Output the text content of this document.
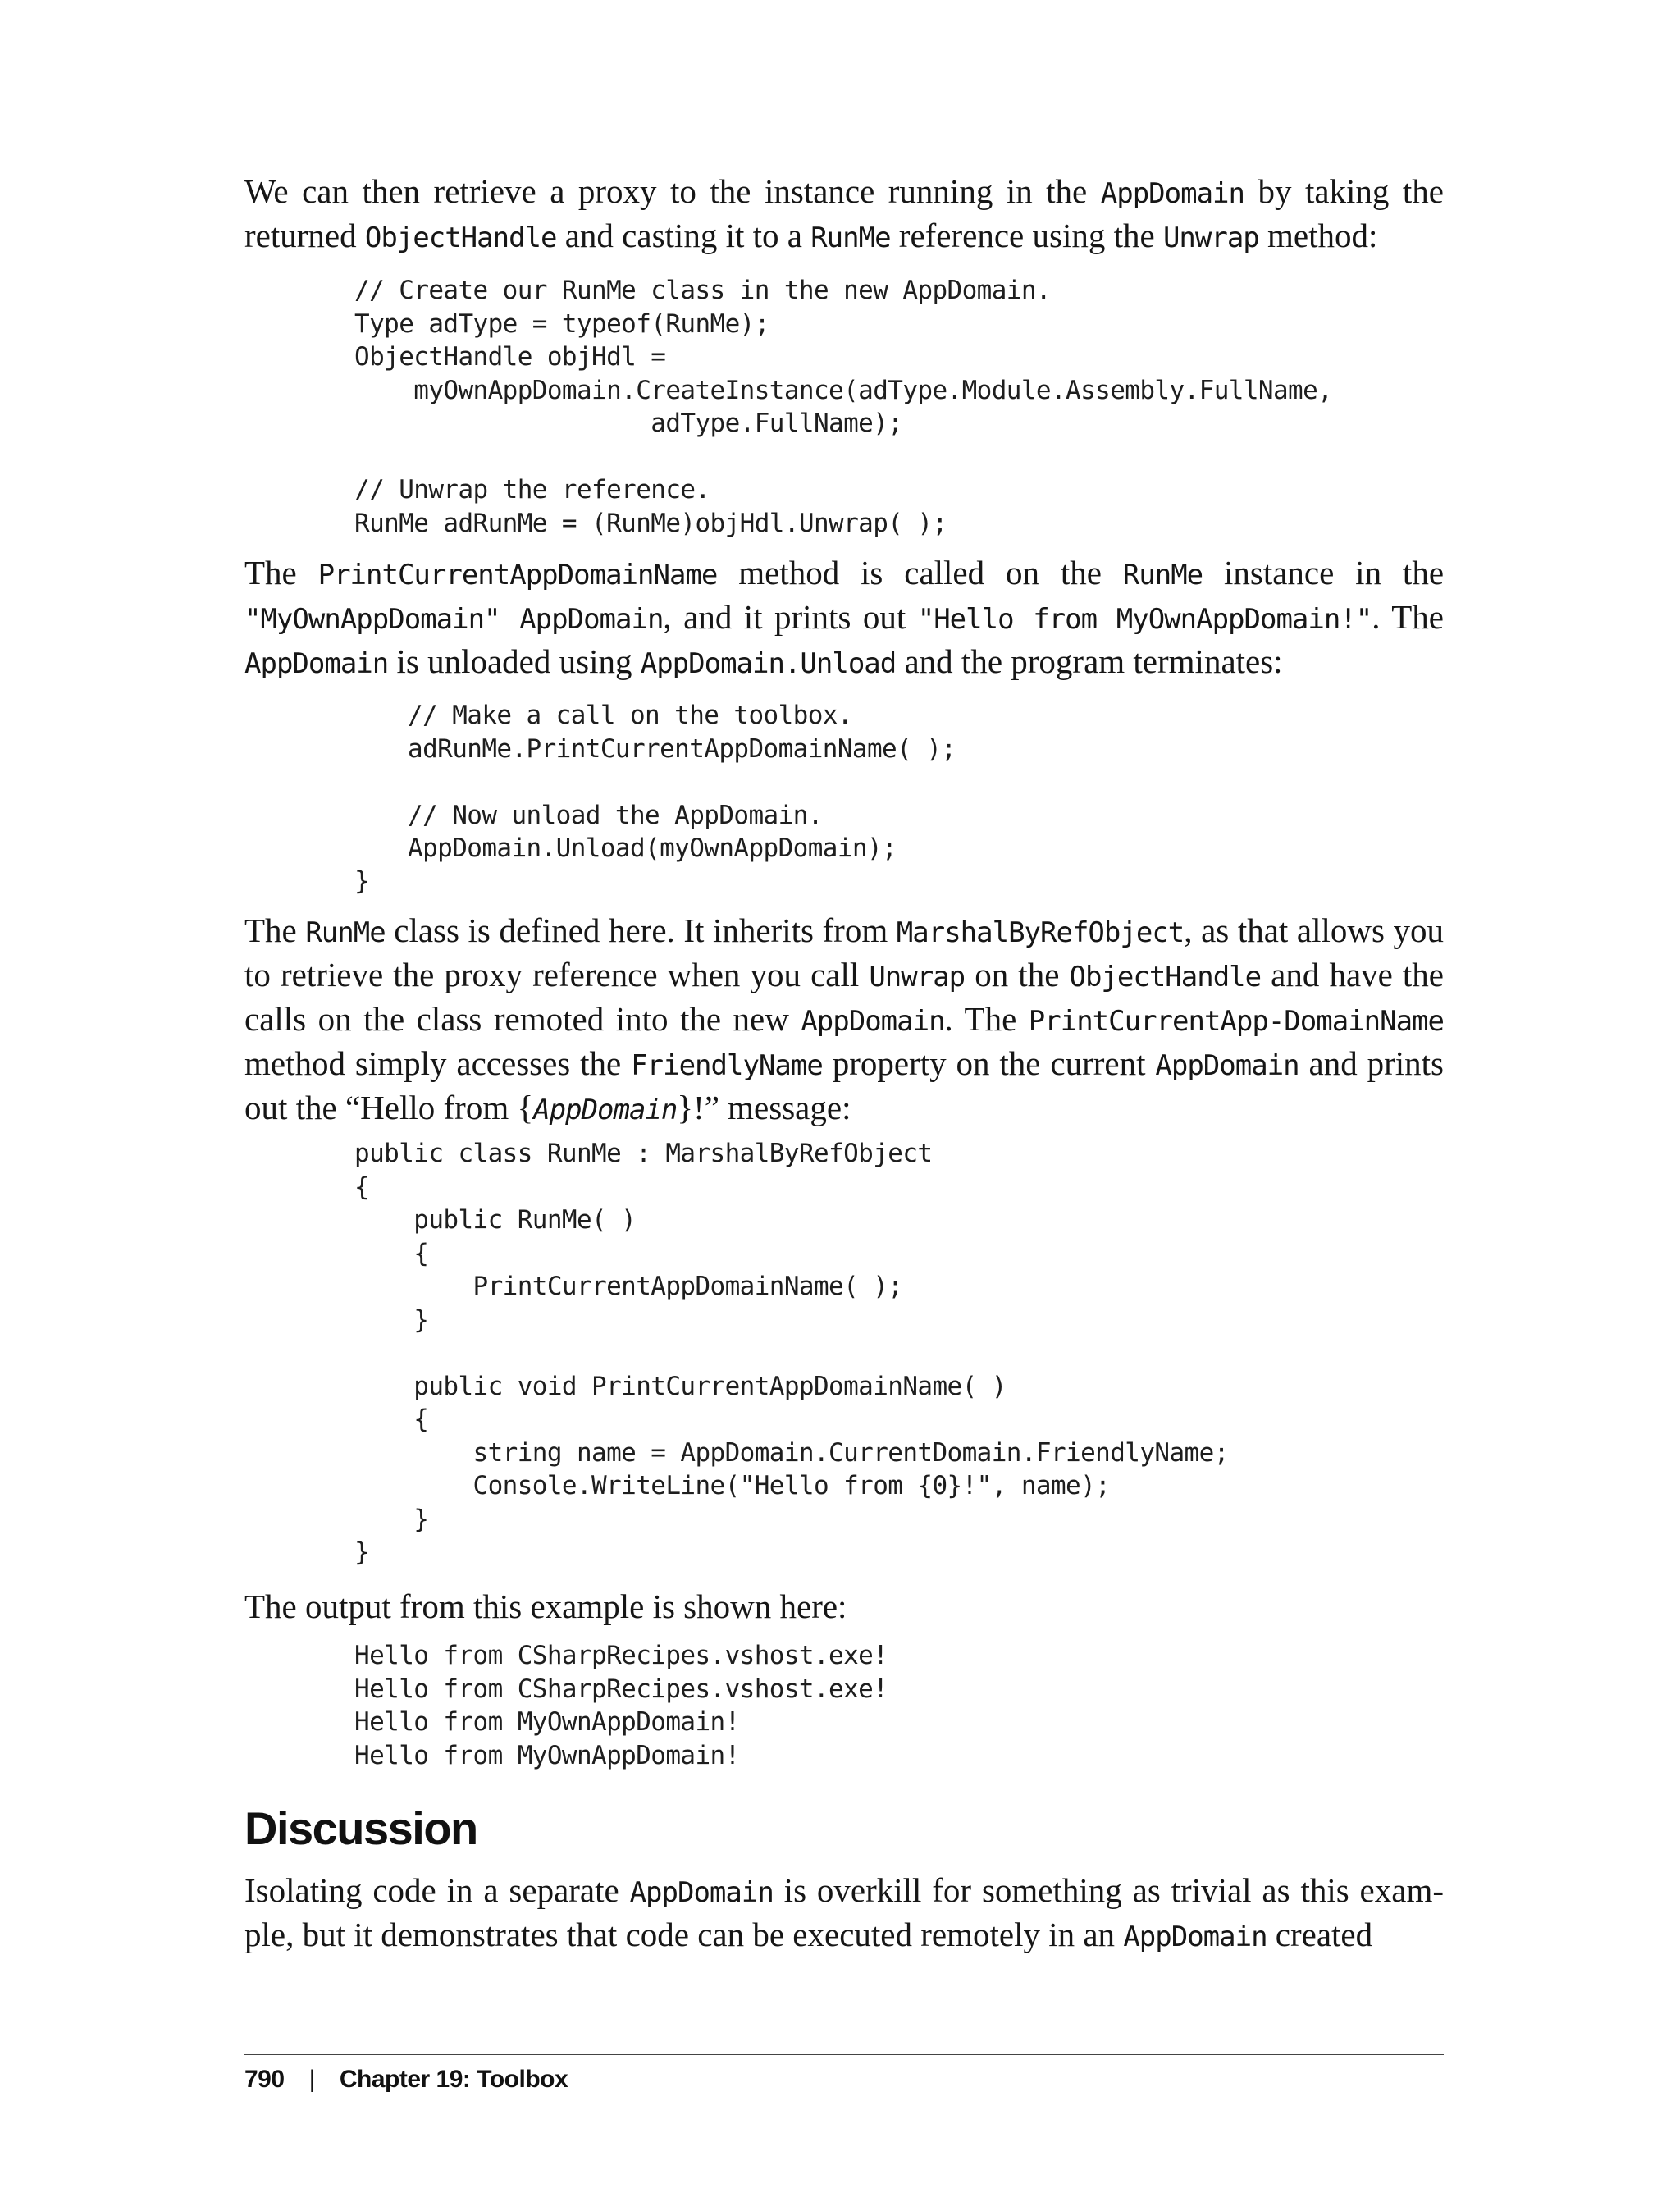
We can then retrieve a proxy to the instance running in the AppDomain by taking the returned ObjectHandle and casting it to a RunMe reference using the Unwrap method:

// Create our RunMe class in the new AppDomain.
Type adType = typeof(RunMe);
ObjectHandle objHdl =
myOwnAppDomain.CreateInstance(adType.Module.Assembly.FullName,
adType.FullName);

// Unwrap the reference.
RunMe adRunMe = (RunMe)objHdl.Unwrap( );

The PrintCurrentAppDomainName method is called on the RunMe instance in the "MyOwnAppDomain" AppDomain, and it prints out "Hello from MyOwnAppDomain!". The AppDomain is unloaded using AppDomain.Unload and the program terminates:

// Make a call on the toolbox.
adRunMe.PrintCurrentAppDomainName( );

// Now unload the AppDomain.
AppDomain.Unload(myOwnAppDomain);
}

The RunMe class is defined here. It inherits from MarshalByRefObject, as that allows you to retrieve the proxy reference when you call Unwrap on the ObjectHandle and have the calls on the class remoted into the new AppDomain. The PrintCurrentApp-DomainName method simply accesses the FriendlyName property on the current AppDomain and prints out the “Hello from {AppDomain}!” message:

public class RunMe : MarshalByRefObject
{
public RunMe( )
{
PrintCurrentAppDomainName( );
}

public void PrintCurrentAppDomainName( )
{
string name = AppDomain.CurrentDomain.FriendlyName;
Console.WriteLine("Hello from {0}!", name);
}
}

The output from this example is shown here:

Hello from CSharpRecipes.vshost.exe!
Hello from CSharpRecipes.vshost.exe!
Hello from MyOwnAppDomain!
Hello from MyOwnAppDomain!
Discussion

Isolating code in a separate AppDomain is overkill for something as trivial as this exam-ple, but it demonstrates that code can be executed remotely in an AppDomain created

790 | Chapter 19: Toolbox
